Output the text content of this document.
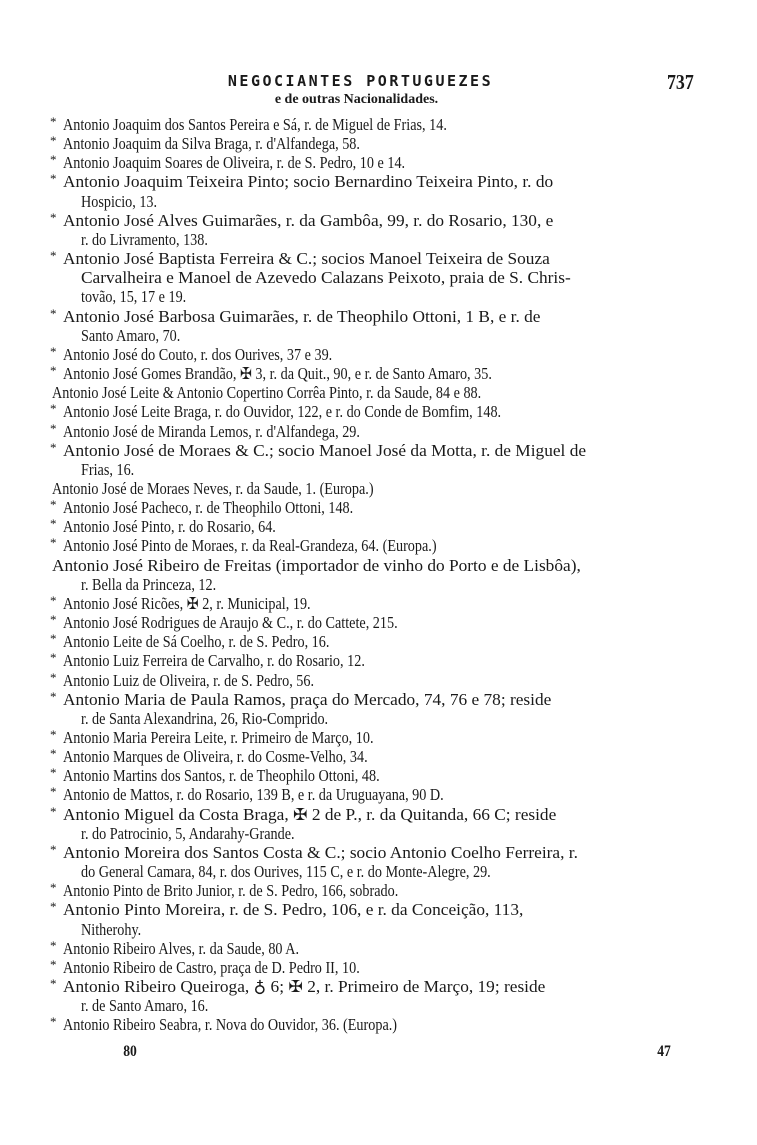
NEGOCIANTES PORTUGUEZES	737
e de outras Nacionalidades.
* Antonio Joaquim dos Santos Pereira e Sá, r. de Miguel de Frias, 14.
* Antonio Joaquim da Silva Braga, r. d'Alfandega, 58.
* Antonio Joaquim Soares de Oliveira, r. de S. Pedro, 10 e 14.
* Antonio Joaquim Teixeira Pinto; socio Bernardino Teixeira Pinto, r. do
Hospicio, 13.
* Antonio José Alves Guimarães, r. da Gambôa, 99, r. do Rosario, 130, e
r. do Livramento, 138.
* Antonio José Baptista Ferreira & C.; socios Manoel Teixeira de Souza
Carvalheira e Manoel de Azevedo Calazans Peixoto, praia de S. Chris-
tovão, 15, 17 e 19.
* Antonio José Barbosa Guimarães, r. de Theophilo Ottoni, 1 B, e r. de
Santo Amaro, 70.
* Antonio José do Couto, r. dos Ourives, 37 e 39.
* Antonio José Gomes Brandão, ✠ 3, r. da Quit., 90, e r. de Santo Amaro, 35.
Antonio José Leite & Antonio Copertino Corrêa Pinto, r. da Saude, 84 e 88.
* Antonio José Leite Braga, r. do Ouvidor, 122, e r. do Conde de Bomfim, 148.
* Antonio José de Miranda Lemos, r. d'Alfandega, 29.
* Antonio José de Moraes & C.; socio Manoel José da Motta, r. de Miguel de
Frias, 16.
Antonio José de Moraes Neves, r. da Saude, 1. (Europa.)
* Antonio José Pacheco, r. de Theophilo Ottoni, 148.
* Antonio José Pinto, r. do Rosario, 64.
* Antonio José Pinto de Moraes, r. da Real-Grandeza, 64. (Europa.)
Antonio José Ribeiro de Freitas (importador de vinho do Porto e de Lisbôa),
r. Bella da Princeza, 12.
* Antonio José Ricões, ✠ 2, r. Municipal, 19.
* Antonio José Rodrigues de Araujo & C., r. do Cattete, 215.
* Antonio Leite de Sá Coelho, r. de S. Pedro, 16.
* Antonio Luiz Ferreira de Carvalho, r. do Rosario, 12.
* Antonio Luiz de Oliveira, r. de S. Pedro, 56.
* Antonio Maria de Paula Ramos, praça do Mercado, 74, 76 e 78; reside
r. de Santa Alexandrina, 26, Rio-Comprido.
* Antonio Maria Pereira Leite, r. Primeiro de Março, 10.
* Antonio Marques de Oliveira, r. do Cosme-Velho, 34.
* Antonio Martins dos Santos, r. de Theophilo Ottoni, 48.
* Antonio de Mattos, r. do Rosario, 139 B, e r. da Uruguayana, 90 D.
* Antonio Miguel da Costa Braga, ✠ 2 de P., r. da Quitanda, 66 C; reside
r. do Patrocinio, 5, Andarahy-Grande.
* Antonio Moreira dos Santos Costa & C.; socio Antonio Coelho Ferreira, r.
do General Camara, 84, r. dos Ourives, 115 C, e r. do Monte-Alegre, 29.
* Antonio Pinto de Brito Junior, r. de S. Pedro, 166, sobrado.
* Antonio Pinto Moreira, r. de S. Pedro, 106, e r. da Conceição, 113,
Nitherohy.
* Antonio Ribeiro Alves, r. da Saude, 80 A.
* Antonio Ribeiro de Castro, praça de D. Pedro II, 10.
* Antonio Ribeiro Queiroga, ♁ 6; ✠ 2, r. Primeiro de Março, 19; reside
r. de Santo Amaro, 16.
* Antonio Ribeiro Seabra, r. Nova do Ouvidor, 36. (Europa.)
80	47
